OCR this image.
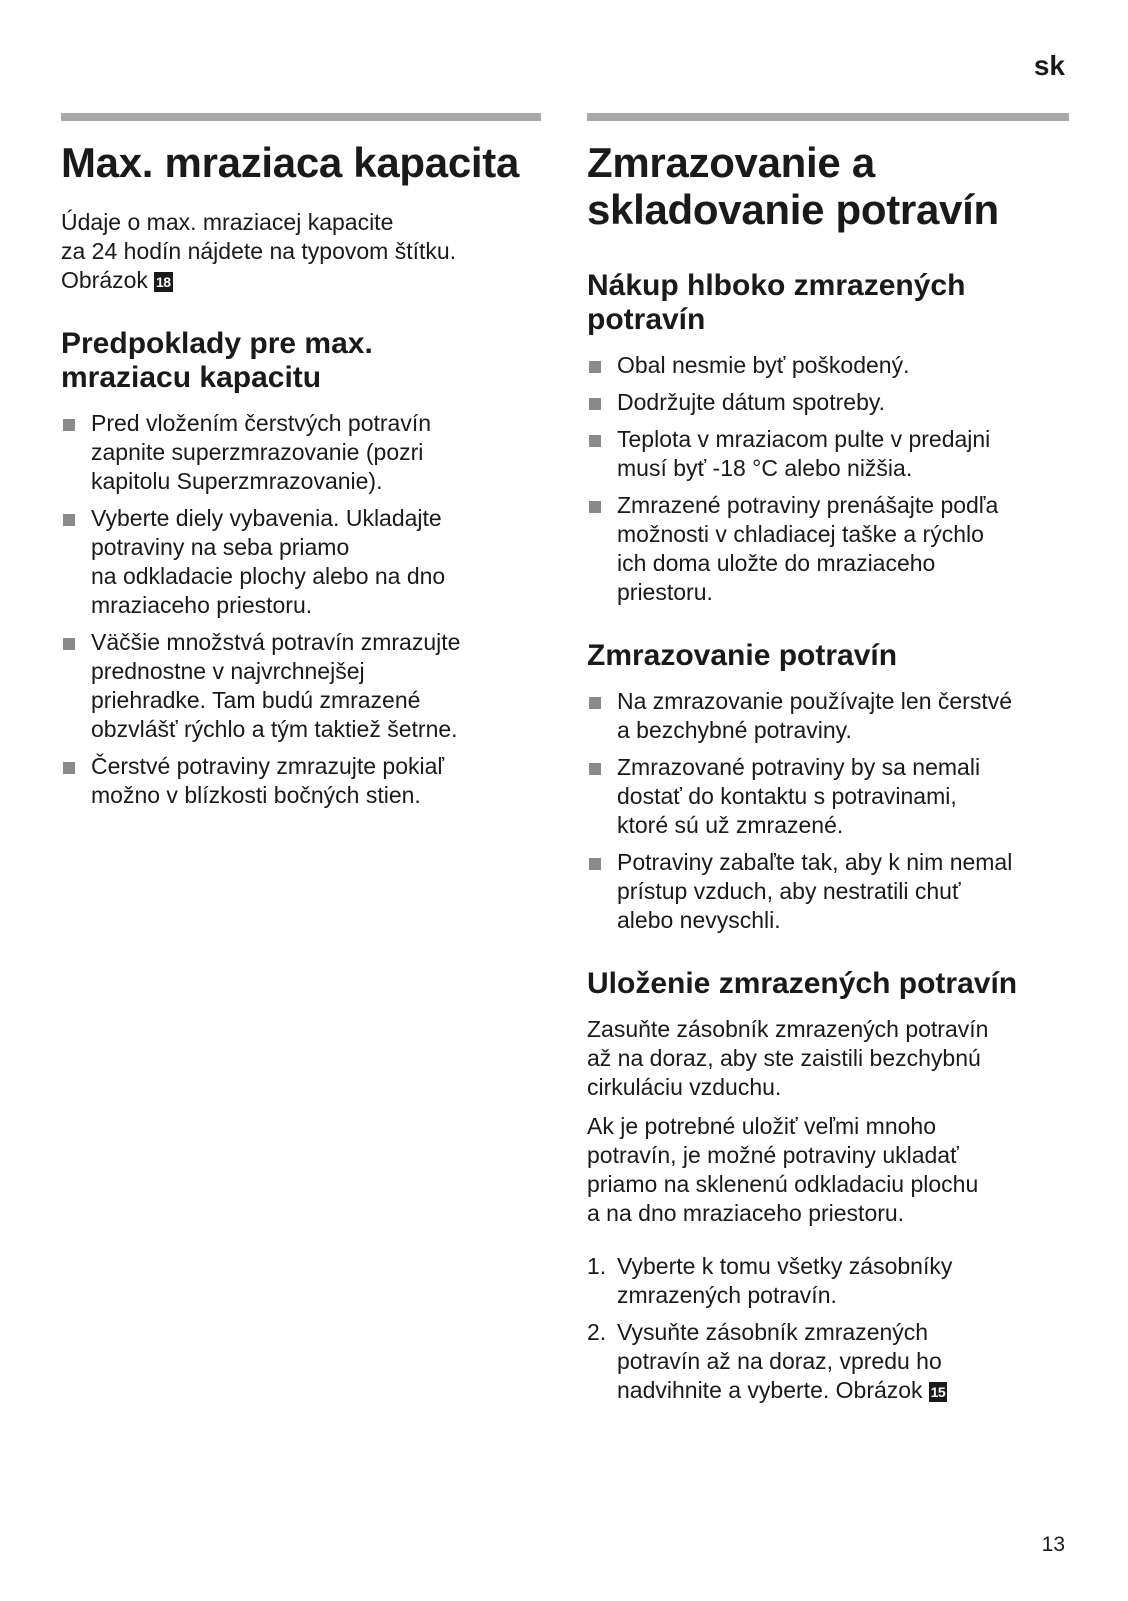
sk
Max. mraziaca kapacita

Údaje o max. mraziacej kapacite
za 24 hodín nájdete na typovom štítku.
Obrázok 18

Predpoklady pre max.
mraziacu kapacitu
Pred vložením čerstvých potravín
zapnite superzmrazovanie (pozri
kapitolu Superzmrazovanie).
Vyberte diely vybavenia. Ukladajte
potraviny na seba priamo
na odkladacie plochy alebo na dno
mraziaceho priestoru.
Väčšie množstvá potravín zmrazujte
prednostne v najvrchnejšej
priehradke. Tam budú zmrazené
obzvlášť rýchlo a tým taktiež šetrne.
Čerstvé potraviny zmrazujte pokiaľ
možno v blízkosti bočných stien.
Zmrazovanie a
skladovanie potravín
Nákup hlboko zmrazených
potravín
Obal nesmie byť poškodený.
Dodržujte dátum spotreby.
Teplota v mraziacom pulte v predajni
musí byť -18 °C alebo nižšia.
Zmrazené potraviny prenášajte podľa
možnosti v chladiacej taške a rýchlo
ich doma uložte do mraziaceho
priestoru.
Zmrazovanie potravín
Na zmrazovanie používajte len čerstvé
a bezchybné potraviny.
Zmrazované potraviny by sa nemali
dostať do kontaktu s potravinami,
ktoré sú už zmrazené.
Potraviny zabaľte tak, aby k nim nemal
prístup vzduch, aby nestratili chuť
alebo nevyschli.
Uloženie zmrazených potravín

Zasuňte zásobník zmrazených potravín
až na doraz, aby ste zaistili bezchybnú
cirkuláciu vzduchu.

Ak je potrebné uložiť veľmi mnoho
potravín, je možné potraviny ukladať
priamo na sklenenú odkladaciu plochu
a na dno mraziaceho priestoru.

1. Vyberte k tomu všetky zásobníky
zmrazených potravín.
2. Vysuňte zásobník zmrazených
potravín až na doraz, vpredu ho
nadvihnite a vyberte. Obrázok 15
13
